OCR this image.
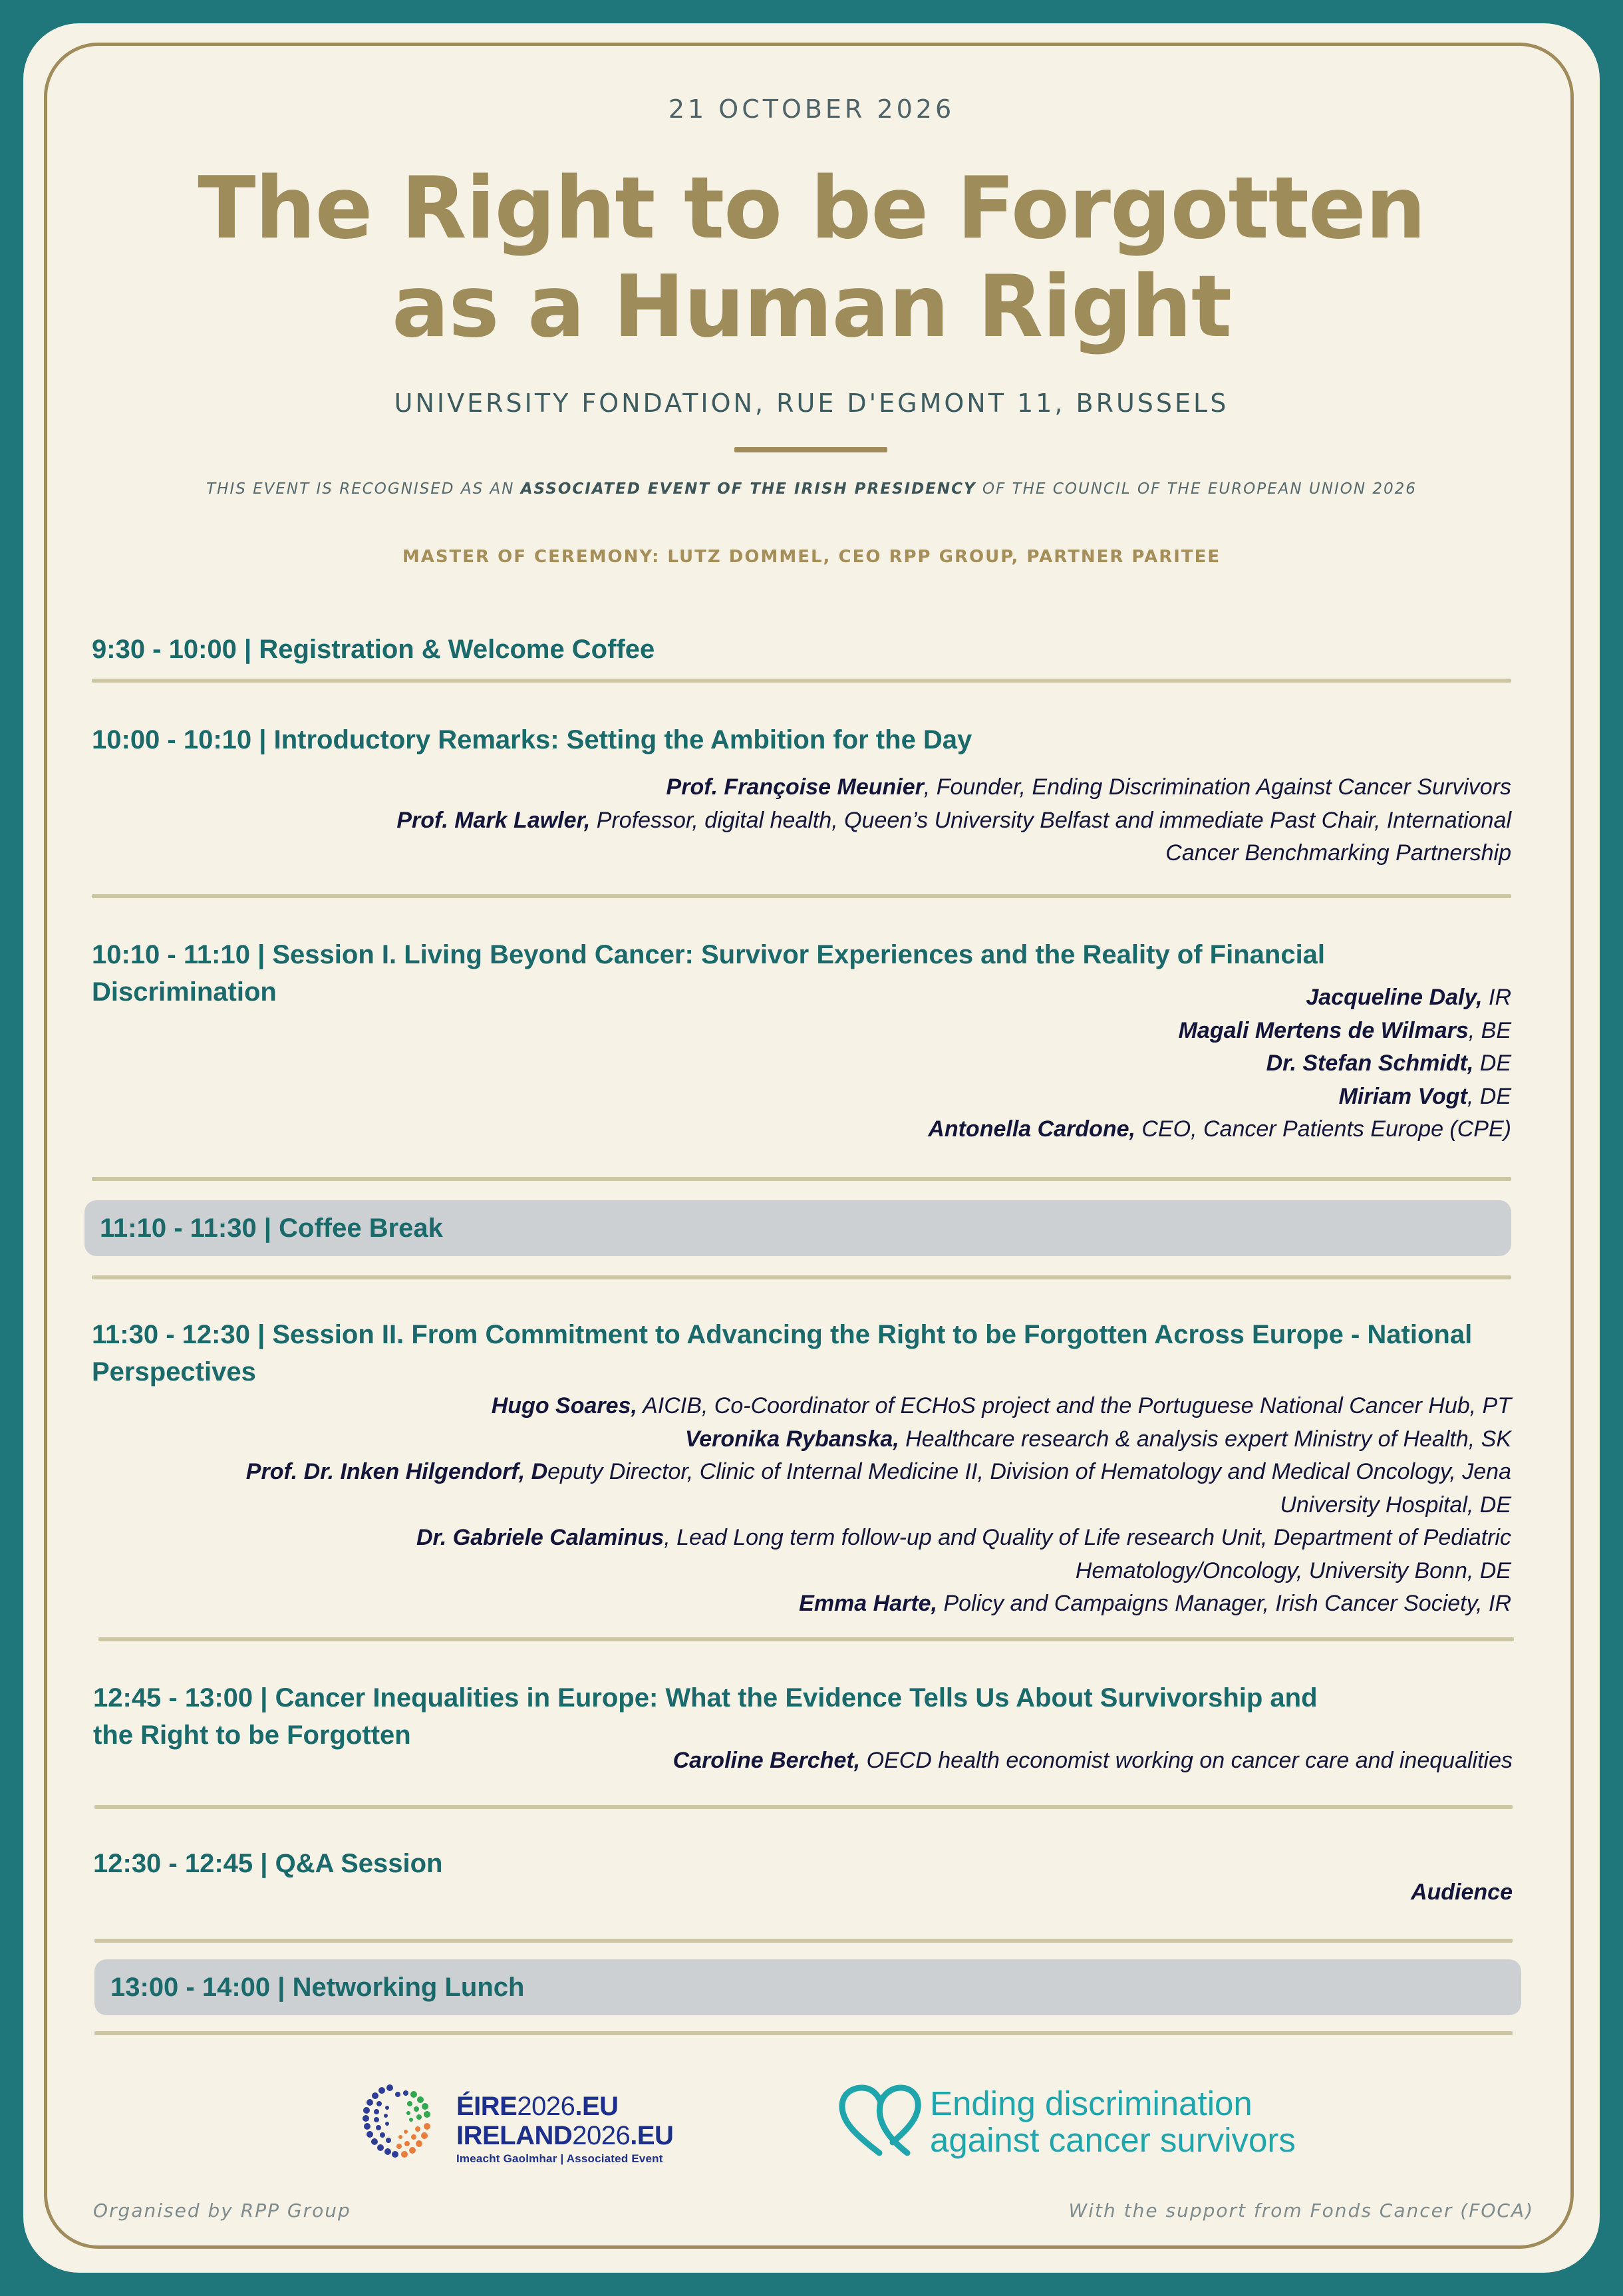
21 OCTOBER 2026
The Right to be Forgotten
as a Human Right
UNIVERSITY FONDATION, RUE D'EGMONT 11, BRUSSELS
THIS EVENT IS RECOGNISED AS AN ASSOCIATED EVENT OF THE IRISH PRESIDENCY OF THE COUNCIL OF THE EUROPEAN UNION 2026
MASTER OF CEREMONY: LUTZ DOMMEL, CEO RPP GROUP, PARTNER PARITEE
9:30 - 10:00 | Registration & Welcome Coffee
10:00 - 10:10 | Introductory Remarks: Setting the Ambition for the Day
Prof. Françoise Meunier, Founder, Ending Discrimination Against Cancer Survivors
Prof. Mark Lawler, Professor, digital health, Queen’s University Belfast and immediate Past Chair, International
Cancer Benchmarking Partnership
10:10 - 11:10 | Session I. Living Beyond Cancer: Survivor Experiences and the Reality of Financial
Discrimination	Jacqueline Daly, IR
Magali Mertens de Wilmars, BE
Dr. Stefan Schmidt, DE
Miriam Vogt, DE
Antonella Cardone, CEO, Cancer Patients Europe (CPE)
11:10 - 11:30 | Coffee Break
11:30 - 12:30 | Session II. From Commitment to Advancing the Right to be Forgotten Across Europe - National
Perspectives
Hugo Soares, AICIB, Co-Coordinator of ECHoS project and the Portuguese National Cancer Hub, PT
Veronika Rybanska, Healthcare research & analysis expert Ministry of Health, SK
Prof. Dr. Inken Hilgendorf, Deputy Director, Clinic of Internal Medicine II, Division of Hematology and Medical Oncology, Jena
University Hospital, DE
Dr. Gabriele Calaminus, Lead Long term follow-up and Quality of Life research Unit, Department of Pediatric
Hematology/Oncology, University Bonn, DE
Emma Harte, Policy and Campaigns Manager, Irish Cancer Society, IR
12:45 - 13:00 | Cancer Inequalities in Europe: What the Evidence Tells Us About Survivorship and
the Right to be Forgotten
Caroline Berchet, OECD health economist working on cancer care and inequalities
12:30 - 12:45 | Q&A Session
Audience
13:00 - 14:00 | Networking Lunch
ÉIRE2026.EU
IRELAND2026.EU
Imeacht Gaolmhar | Associated Event
Ending discrimination
against cancer survivors
Organised by RPP Group	With the support from Fonds Cancer (FOCA)
